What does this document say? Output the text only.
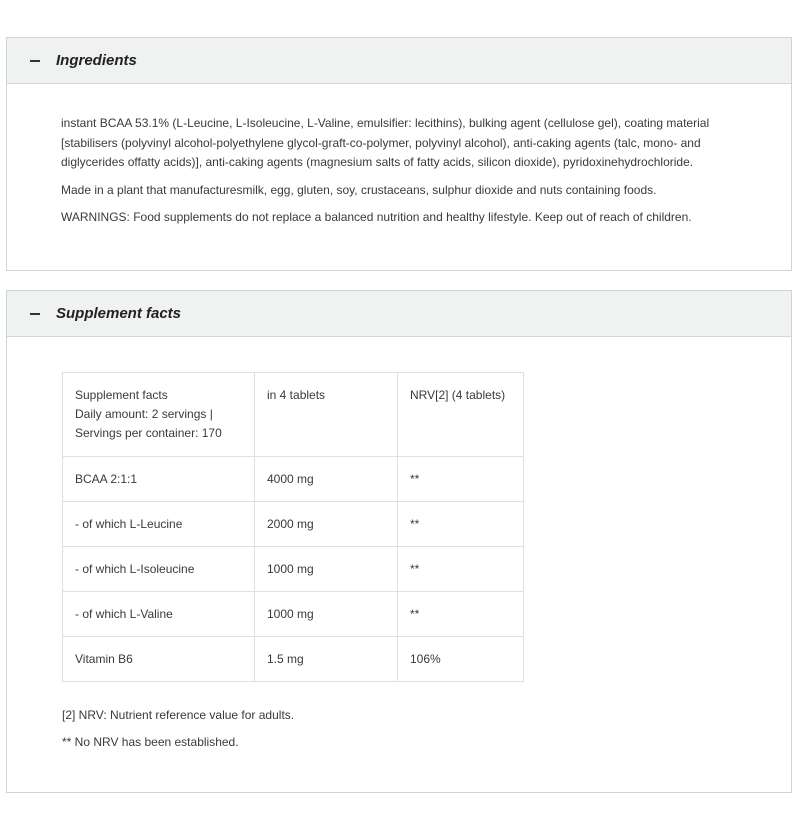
Ingredients

instant BCAA 53.1% (L-Leucine, L-Isoleucine, L-Valine, emulsifier: lecithins), bulking agent (cellulose gel), coating material [stabilisers (polyvinyl alcohol-polyethylene glycol-graft-co-polymer, polyvinyl alcohol), anti-caking agents (talc, mono- and diglycerides offatty acids)], anti-caking agents (magnesium salts of fatty acids, silicon dioxide), pyridoxinehydrochloride.

Made in a plant that manufacturesmilk, egg, gluten, soy, crustaceans, sulphur dioxide and nuts containing foods.

WARNINGS: Food supplements do not replace a balanced nutrition and healthy lifestyle. Keep out of reach of children.

Supplement facts
Supplement facts
Daily amount: 2 servings |
Servings per container: 170	in 4 tablets	NRV[2] (4 tablets)
BCAA 2:1:1	4000 mg	**
- of which L-Leucine	2000 mg	**
- of which L-Isoleucine	1000 mg	**
- of which L-Valine	1000 mg	**
Vitamin B6	1.5 mg	106%
[2] NRV: Nutrient reference value for adults.
** No NRV has been established.
